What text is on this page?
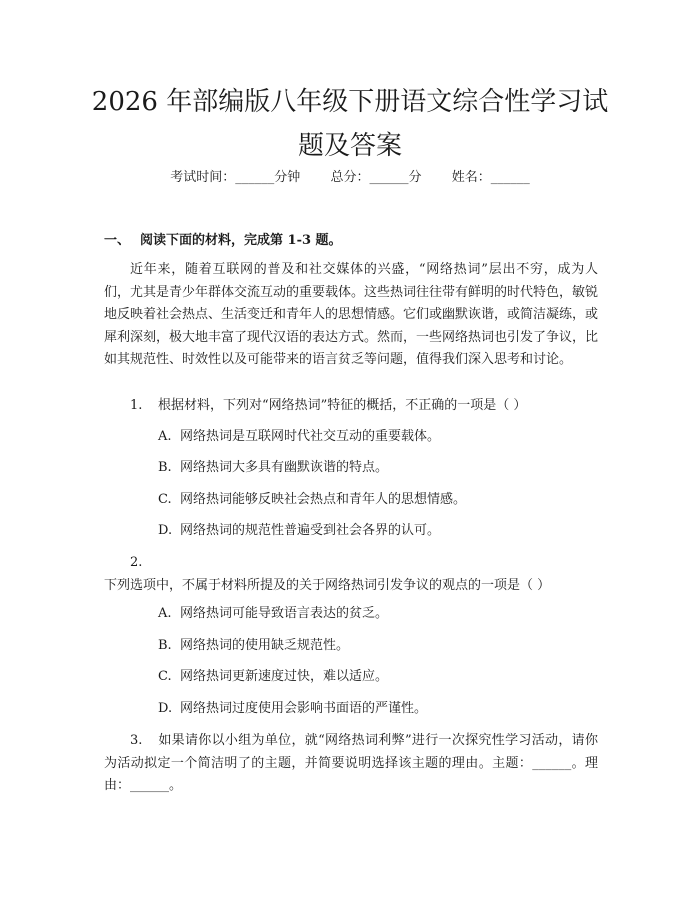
2026 年部编版八年级下册语文综合性学习试题及答案
考试时间：______分钟 总分：______分 姓名：______
一、 阅读下面的材料，完成第 1-3 题。

近年来，随着互联网的普及和社交媒体的兴盛，“网络热词”层出不穷，成为人们，尤其是青少年群体交流互动的重要载体。这些热词往往带有鲜明的时代特色，敏锐地反映着社会热点、生活变迁和青年人的思想情感。它们或幽默诙谐，或简洁凝练，或犀利深刻，极大地丰富了现代汉语的表达方式。然而，一些网络热词也引发了争议，比如其规范性、时效性以及可能带来的语言贫乏等问题，值得我们深入思考和讨论。

1. 根据材料，下列对“网络热词”特征的概括，不正确的一项是（ ）

A. 网络热词是互联网时代社交互动的重要载体。
B. 网络热词大多具有幽默诙谐的特点。
C. 网络热词能够反映社会热点和青年人的思想情感。
D. 网络热词的规范性普遍受到社会各界的认可。

2.下列选项中，不属于材料所提及的关于网络热词引发争议的观点的一项是（ ）

A. 网络热词可能导致语言表达的贫乏。
B. 网络热词的使用缺乏规范性。
C. 网络热词更新速度过快，难以适应。
D. 网络热词过度使用会影响书面语的严谨性。

3. 如果请你以小组为单位，就“网络热词利弊”进行一次探究性学习活动，请你为活动拟定一个简洁明了的主题，并简要说明选择该主题的理由。主题：______。理由：______。
